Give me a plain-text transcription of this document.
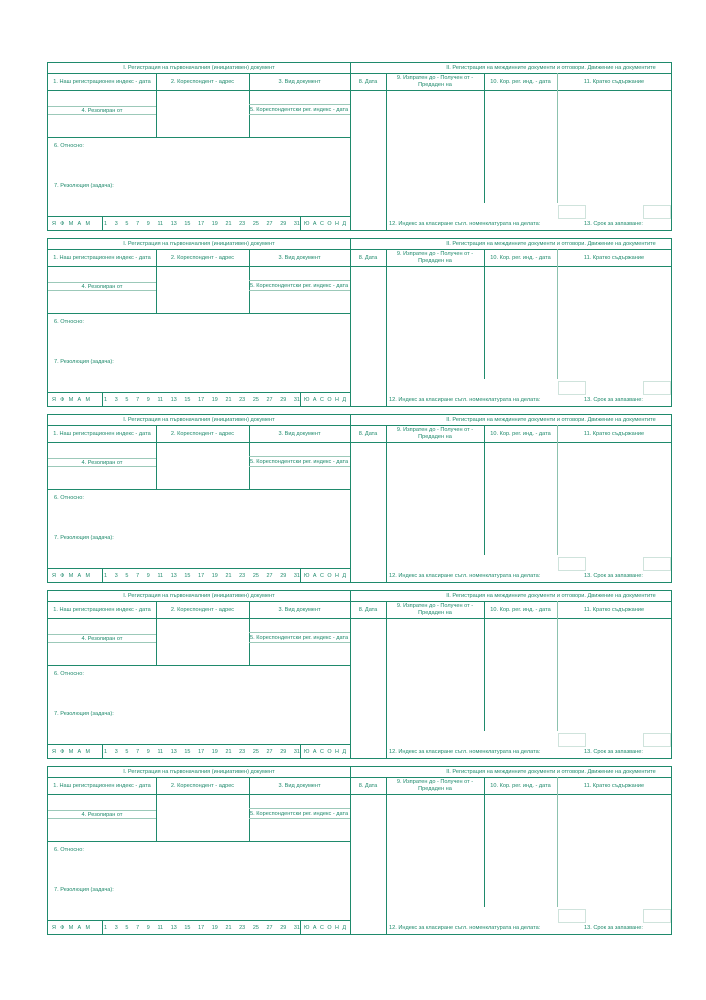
I. Регистрация на първоначалния (инициативен) документ	II. Регистрация на междинните документи и отговори. Движение на документите
1. Наш регистрационен индекс - дата	2. Кореспондент - адрес	3. Вид документ
4. Резолиран от	5. Кореспондентски рег. индекс - дата
6. Относно:
7. Резолюция (задача):
Я Ф М А М	1 3 5 7 9 11 13 15 17 19 21 23 25 27 29 31 Ю А С О Н Д
8. Дата
9. Изпратен до - Получен от -
Предаден на	10. Кор. рег. инд. - дата	11. Кратко съдържание
12. Индекс за класиране съгл. номенклатурата на делата:	13. Срок за запазване:
I. Регистрация на първоначалния (инициативен) документ	II. Регистрация на междинните документи и отговори. Движение на документите
1. Наш регистрационен индекс - дата	2. Кореспондент - адрес	3. Вид документ
4. Резолиран от	5. Кореспондентски рег. индекс - дата
6. Относно:
7. Резолюция (задача):
Я Ф М А М	1 3 5 7 9 11 13 15 17 19 21 23 25 27 29 31 Ю А С О Н Д
8. Дата
9. Изпратен до - Получен от -
Предаден на	10. Кор. рег. инд. - дата	11. Кратко съдържание
12. Индекс за класиране съгл. номенклатурата на делата:	13. Срок за запазване:
I. Регистрация на първоначалния (инициативен) документ	II. Регистрация на междинните документи и отговори. Движение на документите
1. Наш регистрационен индекс - дата	2. Кореспондент - адрес	3. Вид документ
4. Резолиран от	5. Кореспондентски рег. индекс - дата
6. Относно:
7. Резолюция (задача):
Я Ф М А М	1 3 5 7 9 11 13 15 17 19 21 23 25 27 29 31 Ю А С О Н Д
8. Дата
9. Изпратен до - Получен от -
Предаден на	10. Кор. рег. инд. - дата	11. Кратко съдържание
12. Индекс за класиране съгл. номенклатурата на делата:	13. Срок за запазване:
I. Регистрация на първоначалния (инициативен) документ	II. Регистрация на междинните документи и отговори. Движение на документите
1. Наш регистрационен индекс - дата	2. Кореспондент - адрес	3. Вид документ
4. Резолиран от	5. Кореспондентски рег. индекс - дата
6. Относно:
7. Резолюция (задача):
Я Ф М А М	1 3 5 7 9 11 13 15 17 19 21 23 25 27 29 31 Ю А С О Н Д
8. Дата
9. Изпратен до - Получен от -
Предаден на	10. Кор. рег. инд. - дата	11. Кратко съдържание
12. Индекс за класиране съгл. номенклатурата на делата:	13. Срок за запазване:
I. Регистрация на първоначалния (инициативен) документ	II. Регистрация на междинните документи и отговори. Движение на документите
1. Наш регистрационен индекс - дата	2. Кореспондент - адрес	3. Вид документ
4. Резолиран от	5. Кореспондентски рег. индекс - дата
6. Относно:
7. Резолюция (задача):
Я Ф М А М	1 3 5 7 9 11 13 15 17 19 21 23 25 27 29 31 Ю А С О Н Д
8. Дата
9. Изпратен до - Получен от -
Предаден на	10. Кор. рег. инд. - дата	11. Кратко съдържание
12. Индекс за класиране съгл. номенклатурата на делата:	13. Срок за запазване:
